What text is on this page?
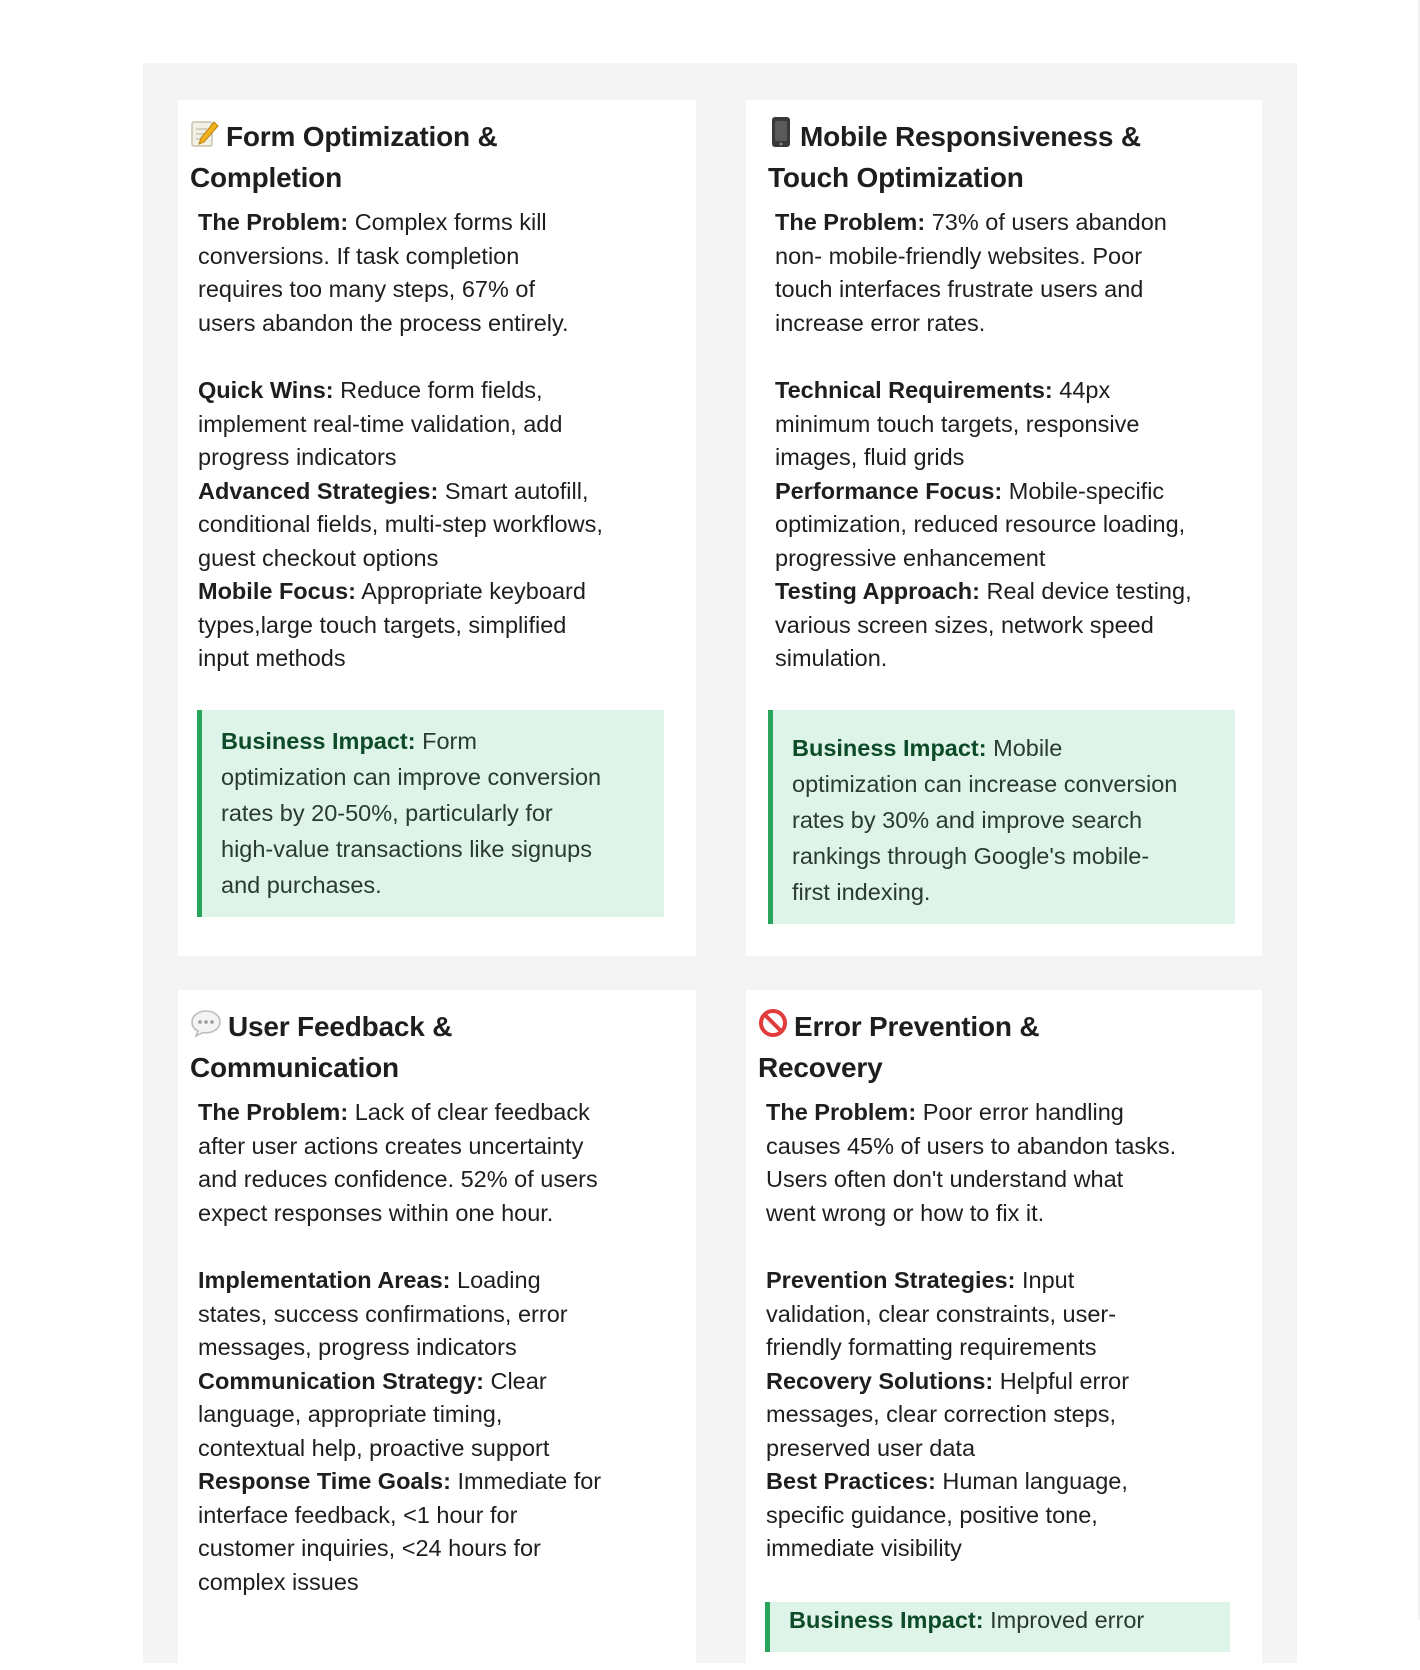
Form Optimization &
Completion

The Problem: Complex forms kill
conversions. If task completion
requires too many steps, 67% of
users abandon the process entirely.

Quick Wins: Reduce form fields,
implement real-time validation, add
progress indicators
Advanced Strategies: Smart autofill,
conditional fields, multi-step workflows,
guest checkout options
Mobile Focus: Appropriate keyboard
types,large touch targets, simplified
input methods

Business Impact: Form
optimization can improve conversion
rates by 20-50%, particularly for
high-value transactions like signups
and purchases.
Mobile Responsiveness &
Touch Optimization

The Problem: 73% of users abandon
non- mobile-friendly websites. Poor
touch interfaces frustrate users and
increase error rates.

Technical Requirements: 44px
minimum touch targets, responsive
images, fluid grids
Performance Focus: Mobile-specific
optimization, reduced resource loading,
progressive enhancement
Testing Approach: Real device testing,
various screen sizes, network speed
simulation.

Business Impact: Mobile
optimization can increase conversion
rates by 30% and improve search
rankings through Google's mobile-
first indexing.
User Feedback &
Communication

The Problem: Lack of clear feedback
after user actions creates uncertainty
and reduces confidence. 52% of users
expect responses within one hour.

Implementation Areas: Loading
states, success confirmations, error
messages, progress indicators
Communication Strategy: Clear
language, appropriate timing,
contextual help, proactive support
Response Time Goals: Immediate for
interface feedback, <1 hour for
customer inquiries, <24 hours for
complex issues

Error Prevention &
Recovery

The Problem: Poor error handling
causes 45% of users to abandon tasks.
Users often don't understand what
went wrong or how to fix it.

Prevention Strategies: Input
validation, clear constraints, user-
friendly formatting requirements
Recovery Solutions: Helpful error
messages, clear correction steps,
preserved user data
Best Practices: Human language,
specific guidance, positive tone,
immediate visibility

Business Impact: Improved error
